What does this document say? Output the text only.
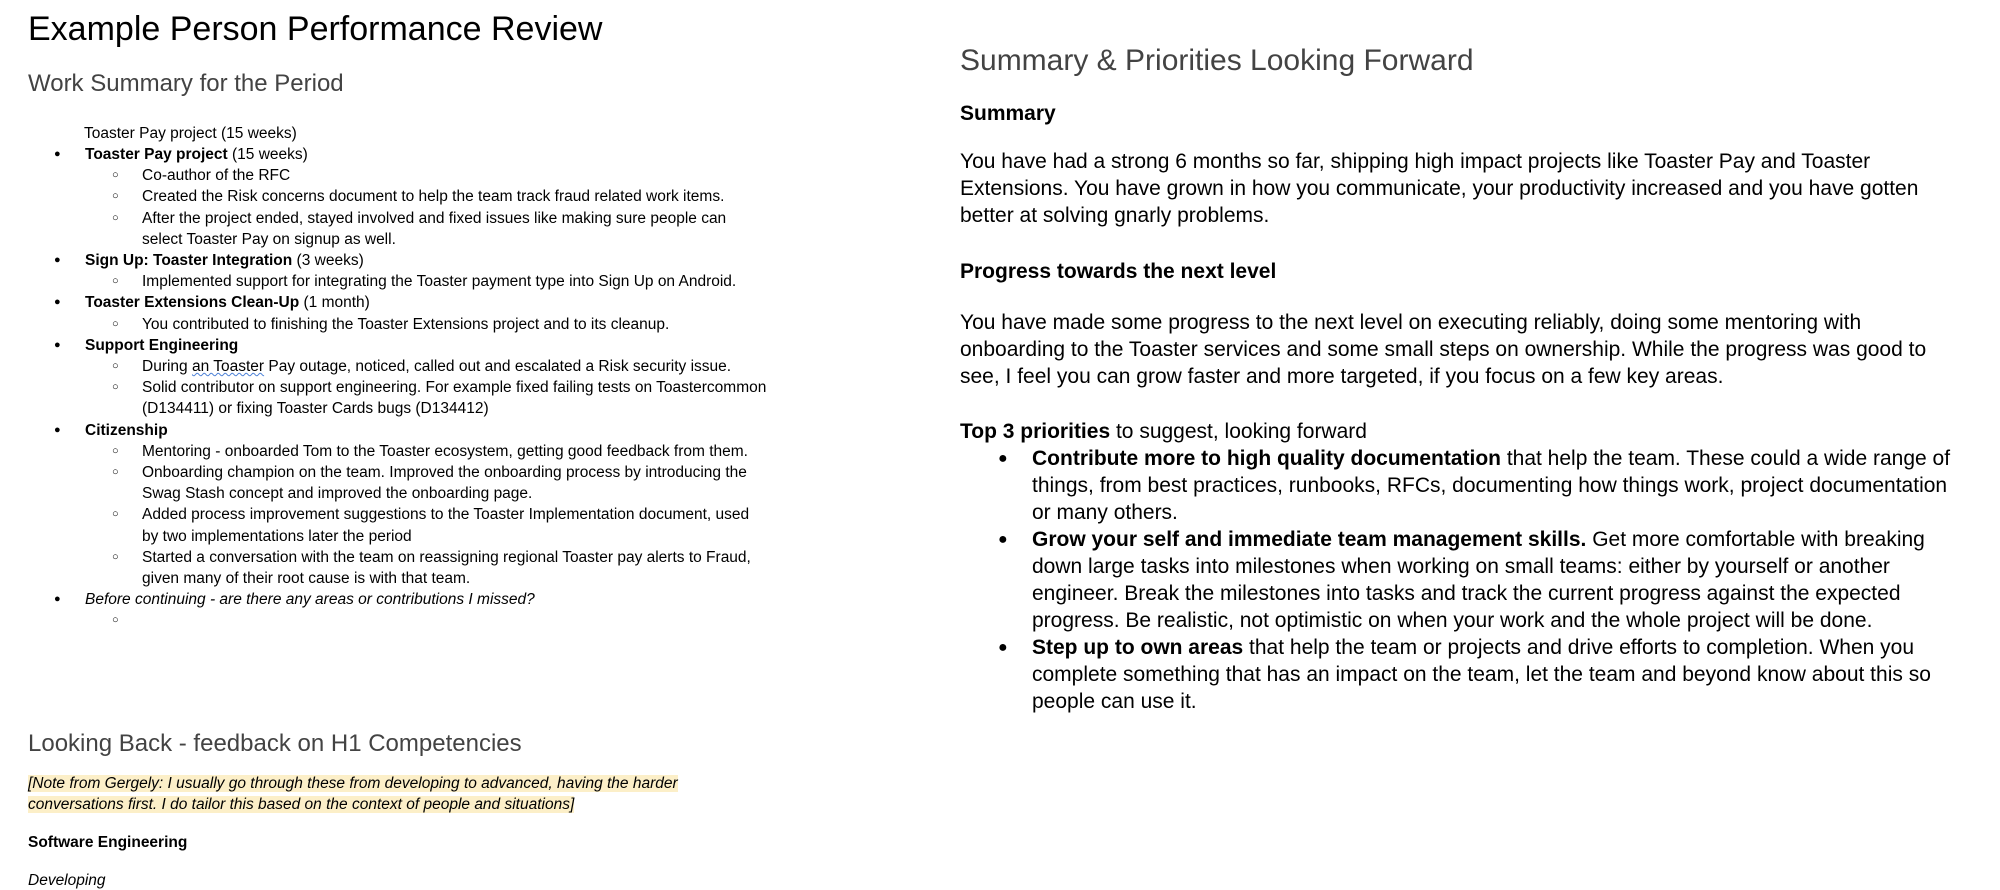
Example Person Performance Review
Work Summary for the Period
Toaster Pay project (15 weeks)
● Toaster Pay project (15 weeks)
○ Co-author of the RFC
○ Created the Risk concerns document to help the team track fraud related work items.
○ After the project ended, stayed involved and fixed issues like making sure people can select Toaster Pay on signup as well.
● Sign Up: Toaster Integration (3 weeks)
○ Implemented support for integrating the Toaster payment type into Sign Up on Android.
● Toaster Extensions Clean-Up (1 month)
○ You contributed to finishing the Toaster Extensions project and to its cleanup.
● Support Engineering
○ During an Toaster Pay outage, noticed, called out and escalated a Risk security issue.
○ Solid contributor on support engineering. For example fixed failing tests on Toastercommon (D134411) or fixing Toaster Cards bugs (D134412)
● Citizenship
○ Mentoring - onboarded Tom to the Toaster ecosystem, getting good feedback from them.
○ Onboarding champion on the team. Improved the onboarding process by introducing the Swag Stash concept and improved the onboarding page.
○ Added process improvement suggestions to the Toaster Implementation document, used by two implementations later the period
○ Started a conversation with the team on reassigning regional Toaster pay alerts to Fraud, given many of their root cause is with that team.
● Before continuing - are there any areas or contributions I missed?
○
Looking Back - feedback on H1 Competencies
[Note from Gergely: I usually go through these from developing to advanced, having the harder conversations first. I do tailor this based on the context of people and situations]
Software Engineering
Developing
Summary & Priorities Looking Forward
Summary
You have had a strong 6 months so far, shipping high impact projects like Toaster Pay and Toaster Extensions. You have grown in how you communicate, your productivity increased and you have gotten better at solving gnarly problems.
Progress towards the next level
You have made some progress to the next level on executing reliably, doing some mentoring with onboarding to the Toaster services and some small steps on ownership. While the progress was good to see, I feel you can grow faster and more targeted, if you focus on a few key areas.
Top 3 priorities to suggest, looking forward
● Contribute more to high quality documentation that help the team. These could a wide range of things, from best practices, runbooks, RFCs, documenting how things work, project documentation or many others.
● Grow your self and immediate team management skills. Get more comfortable with breaking down large tasks into milestones when working on small teams: either by yourself or another engineer. Break the milestones into tasks and track the current progress against the expected progress. Be realistic, not optimistic on when your work and the whole project will be done.
● Step up to own areas that help the team or projects and drive efforts to completion. When you complete something that has an impact on the team, let the team and beyond know about this so people can use it.
